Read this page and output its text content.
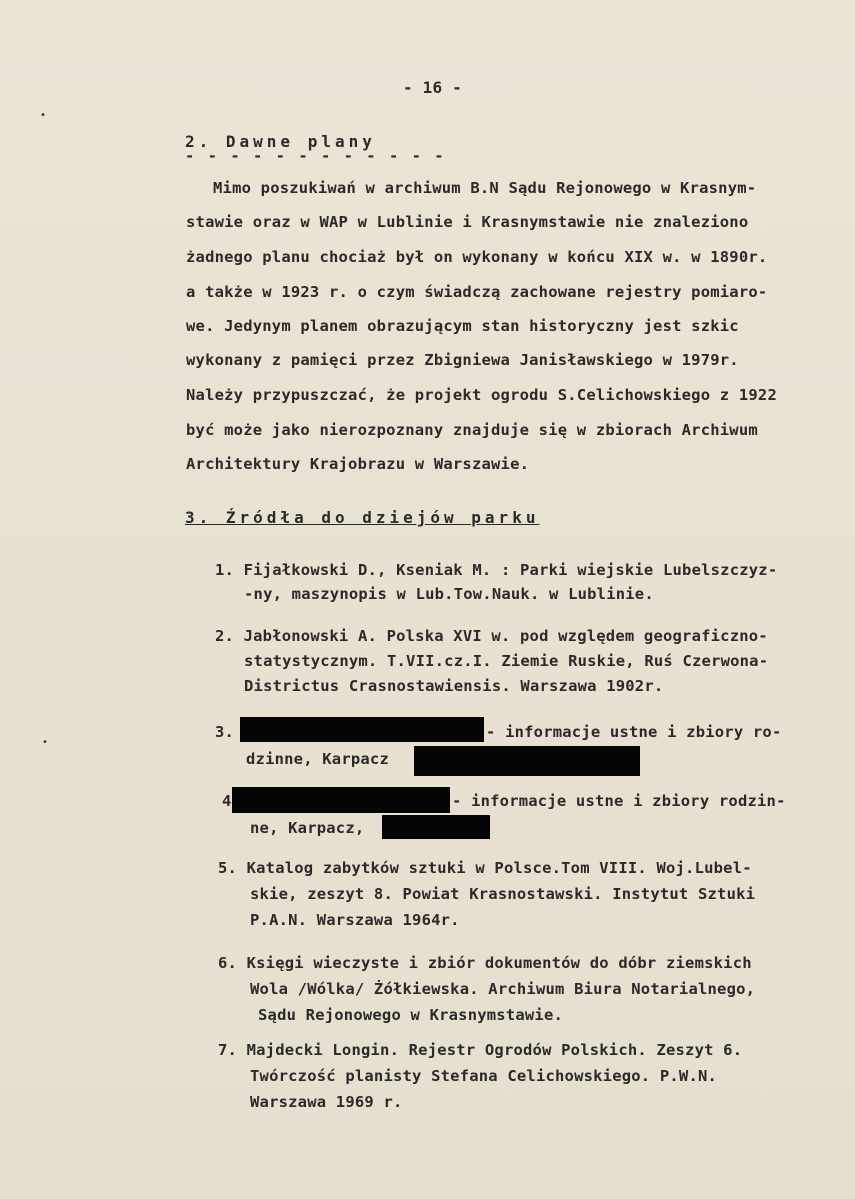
- 16 -
2. Dawne plany
- - - - - - - - - - - -
Mimo poszukiwań w archiwum B.N Sądu Rejonowego w Krasnym-
stawie oraz w WAP w Lublinie i Krasnymstawie nie znaleziono
żadnego planu chociaż był on wykonany w końcu XIX w. w 1890r.
a także w 1923 r. o czym świadczą zachowane rejestry pomiaro-
we. Jedynym planem obrazującym stan historyczny jest szkic
wykonany z pamięci przez Zbigniewa Janisławskiego w 1979r.
Należy przypuszczać, że projekt ogrodu S.Celichowskiego z 1922
być może jako nierozpoznany znajduje się w zbiorach Archiwum
Architektury Krajobrazu w Warszawie.
3. Źródła do dziejów parku
1. Fijałkowski D., Kseniak M. : Parki wiejskie Lubelszczyz-
-ny, maszynopis w Lub.Tow.Nauk. w Lublinie.
2. Jabłonowski A. Polska XVI w. pod względem geograficzno-
statystycznym. T.VII.cz.I. Ziemie Ruskie, Ruś Czerwona-
Districtus Crasnostawiensis. Warszawa 1902r.
3.	- informacje ustne i zbiory ro-
dzinne, Karpacz
4	- informacje ustne i zbiory rodzin-
ne, Karpacz,
5. Katalog zabytków sztuki w Polsce.Tom VIII. Woj.Lubel-
skie, zeszyt 8. Powiat Krasnostawski. Instytut Sztuki
P.A.N. Warszawa 1964r.
6. Księgi wieczyste i zbiór dokumentów do dóbr ziemskich
Wola /Wólka/ Żółkiewska. Archiwum Biura Notarialnego,
Sądu Rejonowego w Krasnymstawie.
7. Majdecki Longin. Rejestr Ogrodów Polskich. Zeszyt 6.
Twórczość planisty Stefana Celichowskiego. P.W.N.
Warszawa 1969 r.
•
•
